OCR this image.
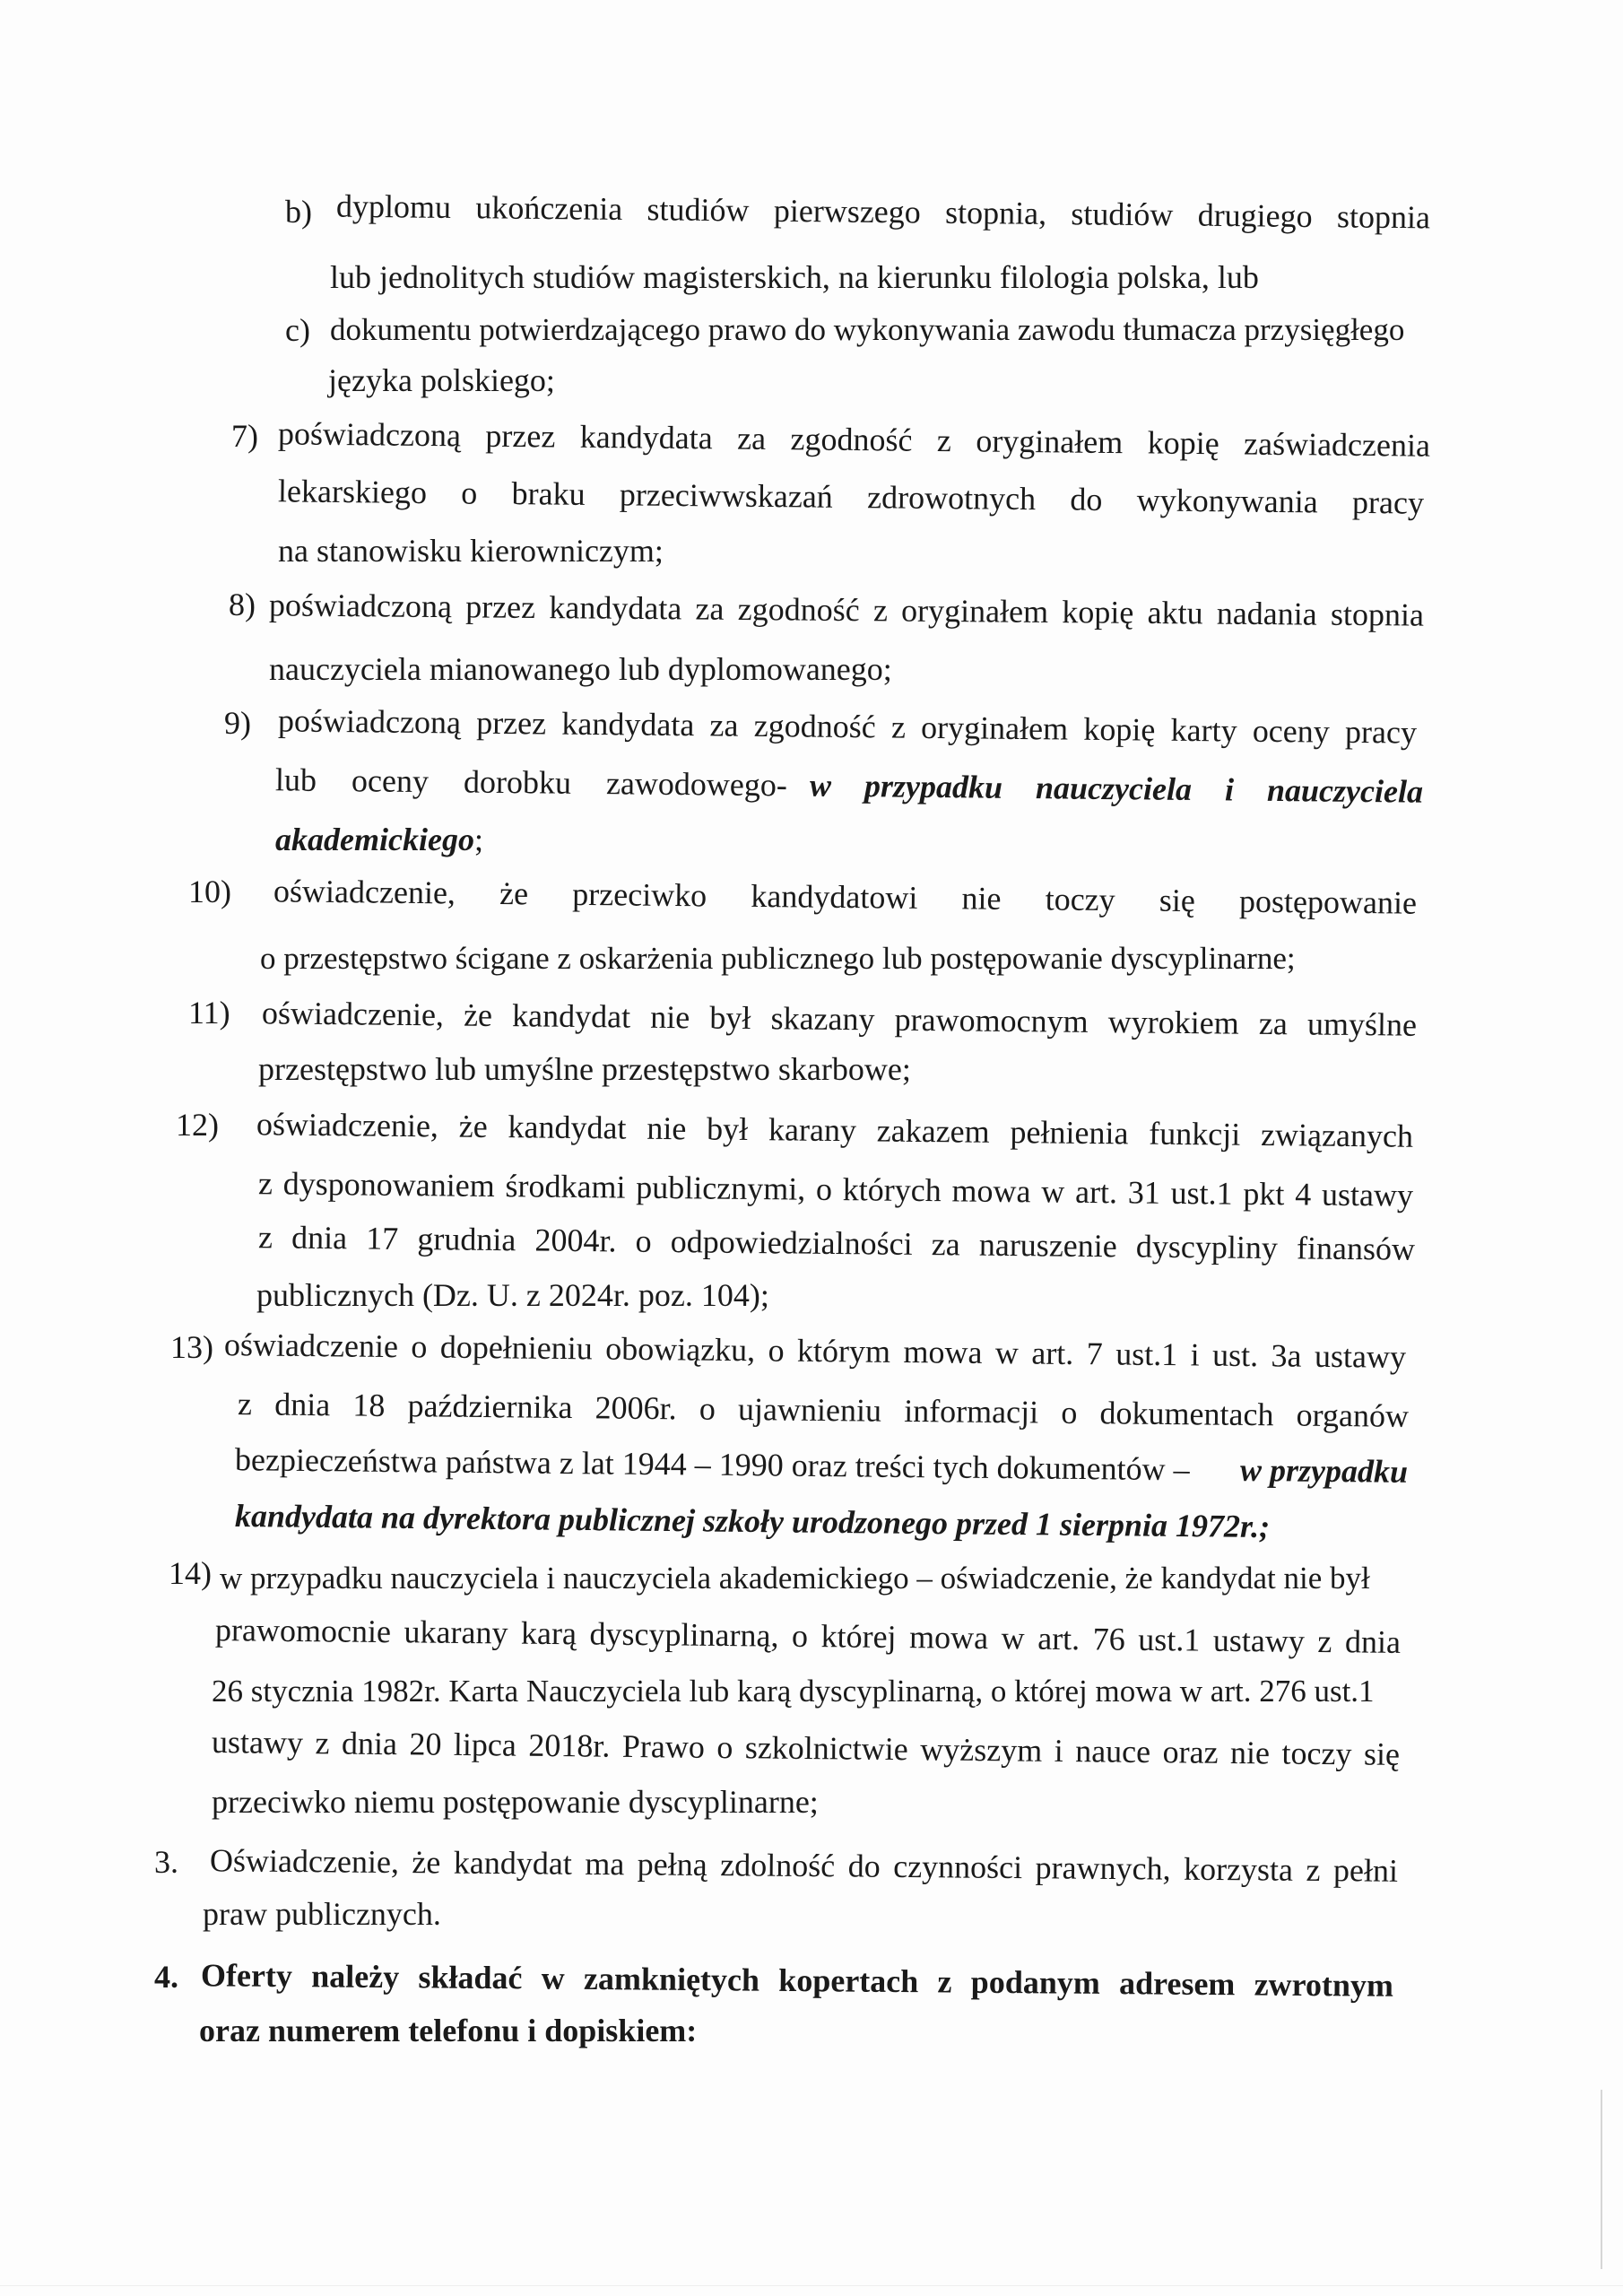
b) dyplomu ukończenia studiów pierwszego stopnia, studiów drugiego stopnia
lub jednolitych studiów magisterskich, na kierunku filologia polska, lub
c) dokumentu potwierdzającego prawo do wykonywania zawodu tłumacza przysięgłego
języka polskiego;
7) poświadczoną przez kandydata za zgodność z oryginałem kopię zaświadczenia
lekarskiego o braku przeciwwskazań zdrowotnych do wykonywania pracy
na stanowisku kierowniczym;
8) poświadczoną przez kandydata za zgodność z oryginałem kopię aktu nadania stopnia
nauczyciela mianowanego lub dyplomowanego;
9) poświadczoną przez kandydata za zgodność z oryginałem kopię karty oceny pracy
lub oceny dorobku zawodowego- w przypadku nauczyciela i nauczyciela
akademickiego;
10) oświadczenie, że przeciwko kandydatowi nie toczy się postępowanie
o przestępstwo ścigane z oskarżenia publicznego lub postępowanie dyscyplinarne;
11) oświadczenie, że kandydat nie był skazany prawomocnym wyrokiem za umyślne
przestępstwo lub umyślne przestępstwo skarbowe;
12) oświadczenie, że kandydat nie był karany zakazem pełnienia funkcji związanych
z dysponowaniem środkami publicznymi, o których mowa w art. 31 ust.1 pkt 4 ustawy
z dnia 17 grudnia 2004r. o odpowiedzialności za naruszenie dyscypliny finansów
publicznych (Dz. U. z 2024r. poz. 104);
13) oświadczenie o dopełnieniu obowiązku, o którym mowa w art. 7 ust.1 i ust. 3a ustawy
z dnia 18 października 2006r. o ujawnieniu informacji o dokumentach organów
bezpieczeństwa państwa z lat 1944 – 1990 oraz treści tych dokumentów – w przypadku
kandydata na dyrektora publicznej szkoły urodzonego przed 1 sierpnia 1972r.;
14) w przypadku nauczyciela i nauczyciela akademickiego – oświadczenie, że kandydat nie był
prawomocnie ukarany karą dyscyplinarną, o której mowa w art. 76 ust.1 ustawy z dnia
26 stycznia 1982r. Karta Nauczyciela lub karą dyscyplinarną, o której mowa w art. 276 ust.1
ustawy z dnia 20 lipca 2018r. Prawo o szkolnictwie wyższym i nauce oraz nie toczy się
przeciwko niemu postępowanie dyscyplinarne;
3. Oświadczenie, że kandydat ma pełną zdolność do czynności prawnych, korzysta z pełni
praw publicznych.
4. Oferty należy składać w zamkniętych kopertach z podanym adresem zwrotnym
oraz numerem telefonu i dopiskiem:
